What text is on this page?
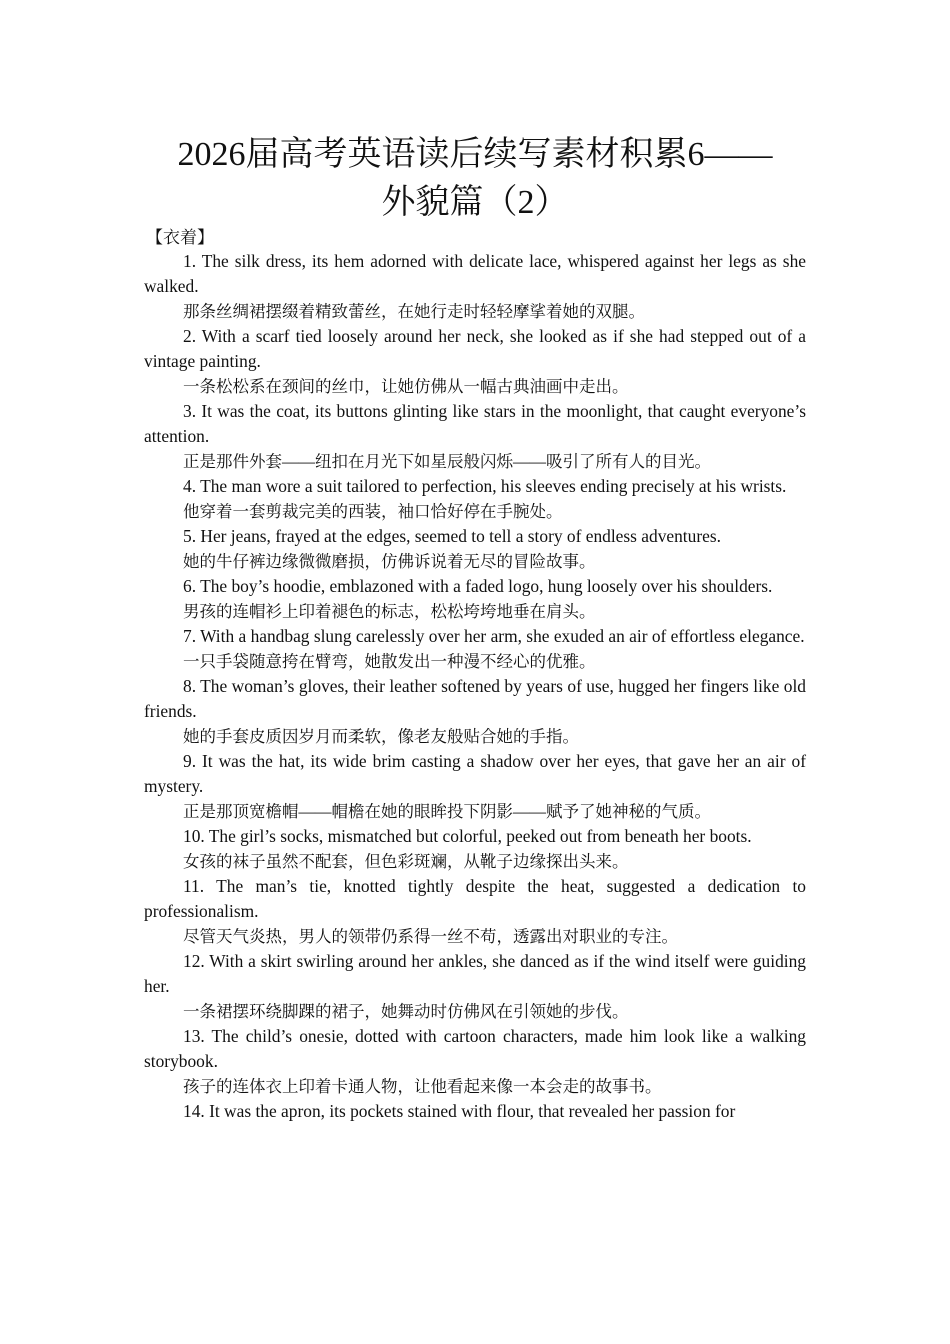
2026届高考英语读后续写素材积累6——
外貌篇（2）
【衣着】

1. The silk dress, its hem adorned with delicate lace, whispered against her legs as she walked.

那条丝绸裙摆缀着精致蕾丝，在她行走时轻轻摩挲着她的双腿。

2. With a scarf tied loosely around her neck, she looked as if she had stepped out of a vintage painting.

一条松松系在颈间的丝巾，让她仿佛从一幅古典油画中走出。

3. It was the coat, its buttons glinting like stars in the moonlight, that caught everyone’s attention.

正是那件外套——纽扣在月光下如星辰般闪烁——吸引了所有人的目光。

4. The man wore a suit tailored to perfection, his sleeves ending precisely at his wrists.

他穿着一套剪裁完美的西装，袖口恰好停在手腕处。

5. Her jeans, frayed at the edges, seemed to tell a story of endless adventures.

她的牛仔裤边缘微微磨损，仿佛诉说着无尽的冒险故事。

6. The boy’s hoodie, emblazoned with a faded logo, hung loosely over his shoulders.

男孩的连帽衫上印着褪色的标志，松松垮垮地垂在肩头。

7. With a handbag slung carelessly over her arm, she exuded an air of effortless elegance.

一只手袋随意挎在臂弯，她散发出一种漫不经心的优雅。

8. The woman’s gloves, their leather softened by years of use, hugged her fingers like old friends.

她的手套皮质因岁月而柔软，像老友般贴合她的手指。

9. It was the hat, its wide brim casting a shadow over her eyes, that gave her an air of mystery.

正是那顶宽檐帽——帽檐在她的眼眸投下阴影——赋予了她神秘的气质。

10. The girl’s socks, mismatched but colorful, peeked out from beneath her boots.

女孩的袜子虽然不配套，但色彩斑斓，从靴子边缘探出头来。

11. The man’s tie, knotted tightly despite the heat, suggested a dedication to professionalism.

尽管天气炎热，男人的领带仍系得一丝不苟，透露出对职业的专注。

12. With a skirt swirling around her ankles, she danced as if the wind itself were guiding her.

一条裙摆环绕脚踝的裙子，她舞动时仿佛风在引领她的步伐。

13. The child’s onesie, dotted with cartoon characters, made him look like a walking storybook.

孩子的连体衣上印着卡通人物，让他看起来像一本会走的故事书。

14. It was the apron, its pockets stained with flour, that revealed her passion for
